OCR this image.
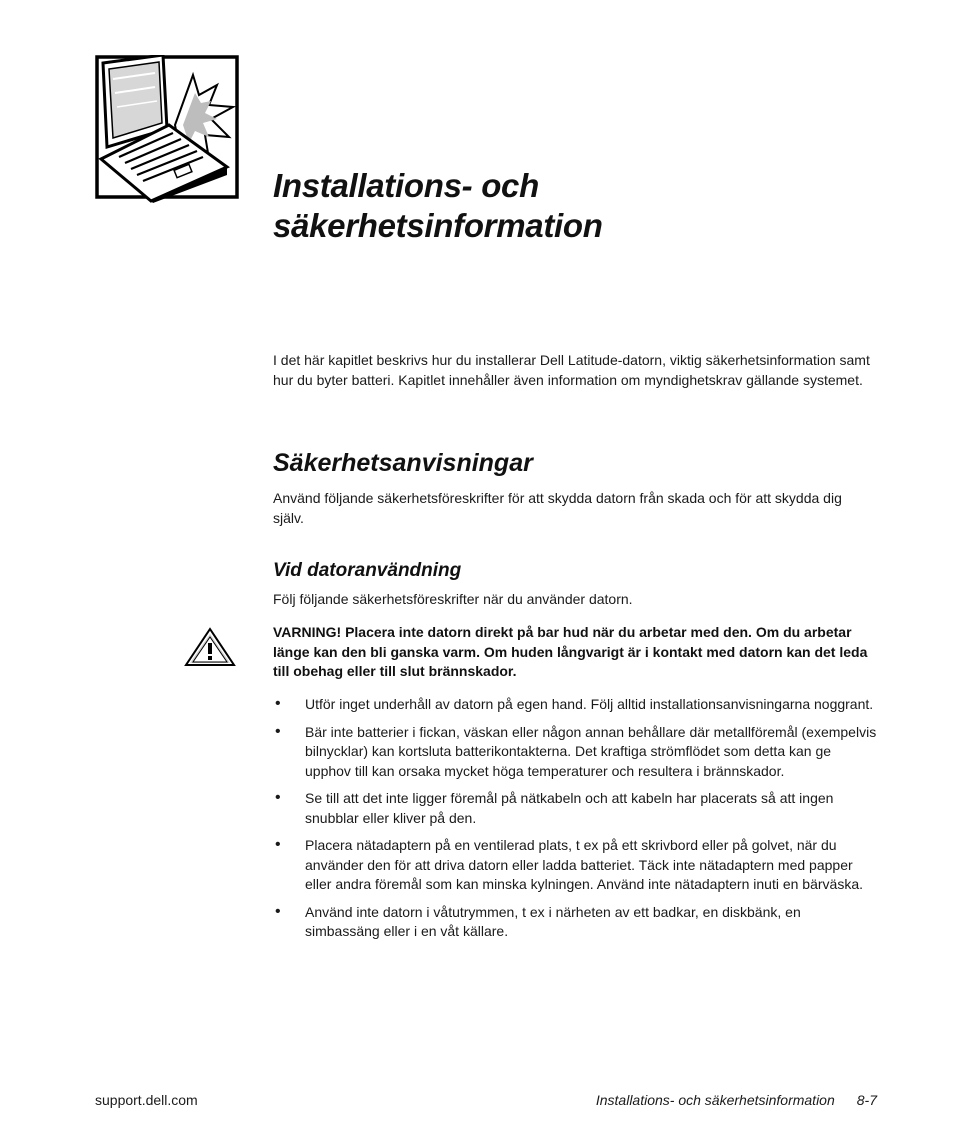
Installations- och
säkerhetsinformation

I det här kapitlet beskrivs hur du installerar Dell Latitude-datorn, viktig säkerhetsinformation samt hur du byter batteri. Kapitlet innehåller även information om myndighetskrav gällande systemet.

Säkerhetsanvisningar

Använd följande säkerhetsföreskrifter för att skydda datorn från skada och för att skydda dig själv.

Vid datoranvändning

Följ följande säkerhetsföreskrifter när du använder datorn.

VARNING! Placera inte datorn direkt på bar hud när du arbetar med den. Om du arbetar länge kan den bli ganska varm. Om huden långvarigt är i kontakt med datorn kan det leda till obehag eller till slut brännskador.

• Utför inget underhåll av datorn på egen hand. Följ alltid installationsanvisningarna noggrant.
• Bär inte batterier i fickan, väskan eller någon annan behållare där metallföremål (exempelvis bilnycklar) kan kortsluta batterikontakterna. Det kraftiga strömflödet som detta kan ge upphov till kan orsaka mycket höga temperaturer och resultera i brännskador.
• Se till att det inte ligger föremål på nätkabeln och att kabeln har placerats så att ingen snubblar eller kliver på den.
• Placera nätadaptern på en ventilerad plats, t ex på ett skrivbord eller på golvet, när du använder den för att driva datorn eller ladda batteriet. Täck inte nätadaptern med papper eller andra föremål som kan minska kylningen. Använd inte nätadaptern inuti en bärväska.
• Använd inte datorn i våtutrymmen, t ex i närheten av ett badkar, en diskbänk, en simbassäng eller i en våt källare.
support.dell.com	Installations- och säkerhetsinformation 8-7
